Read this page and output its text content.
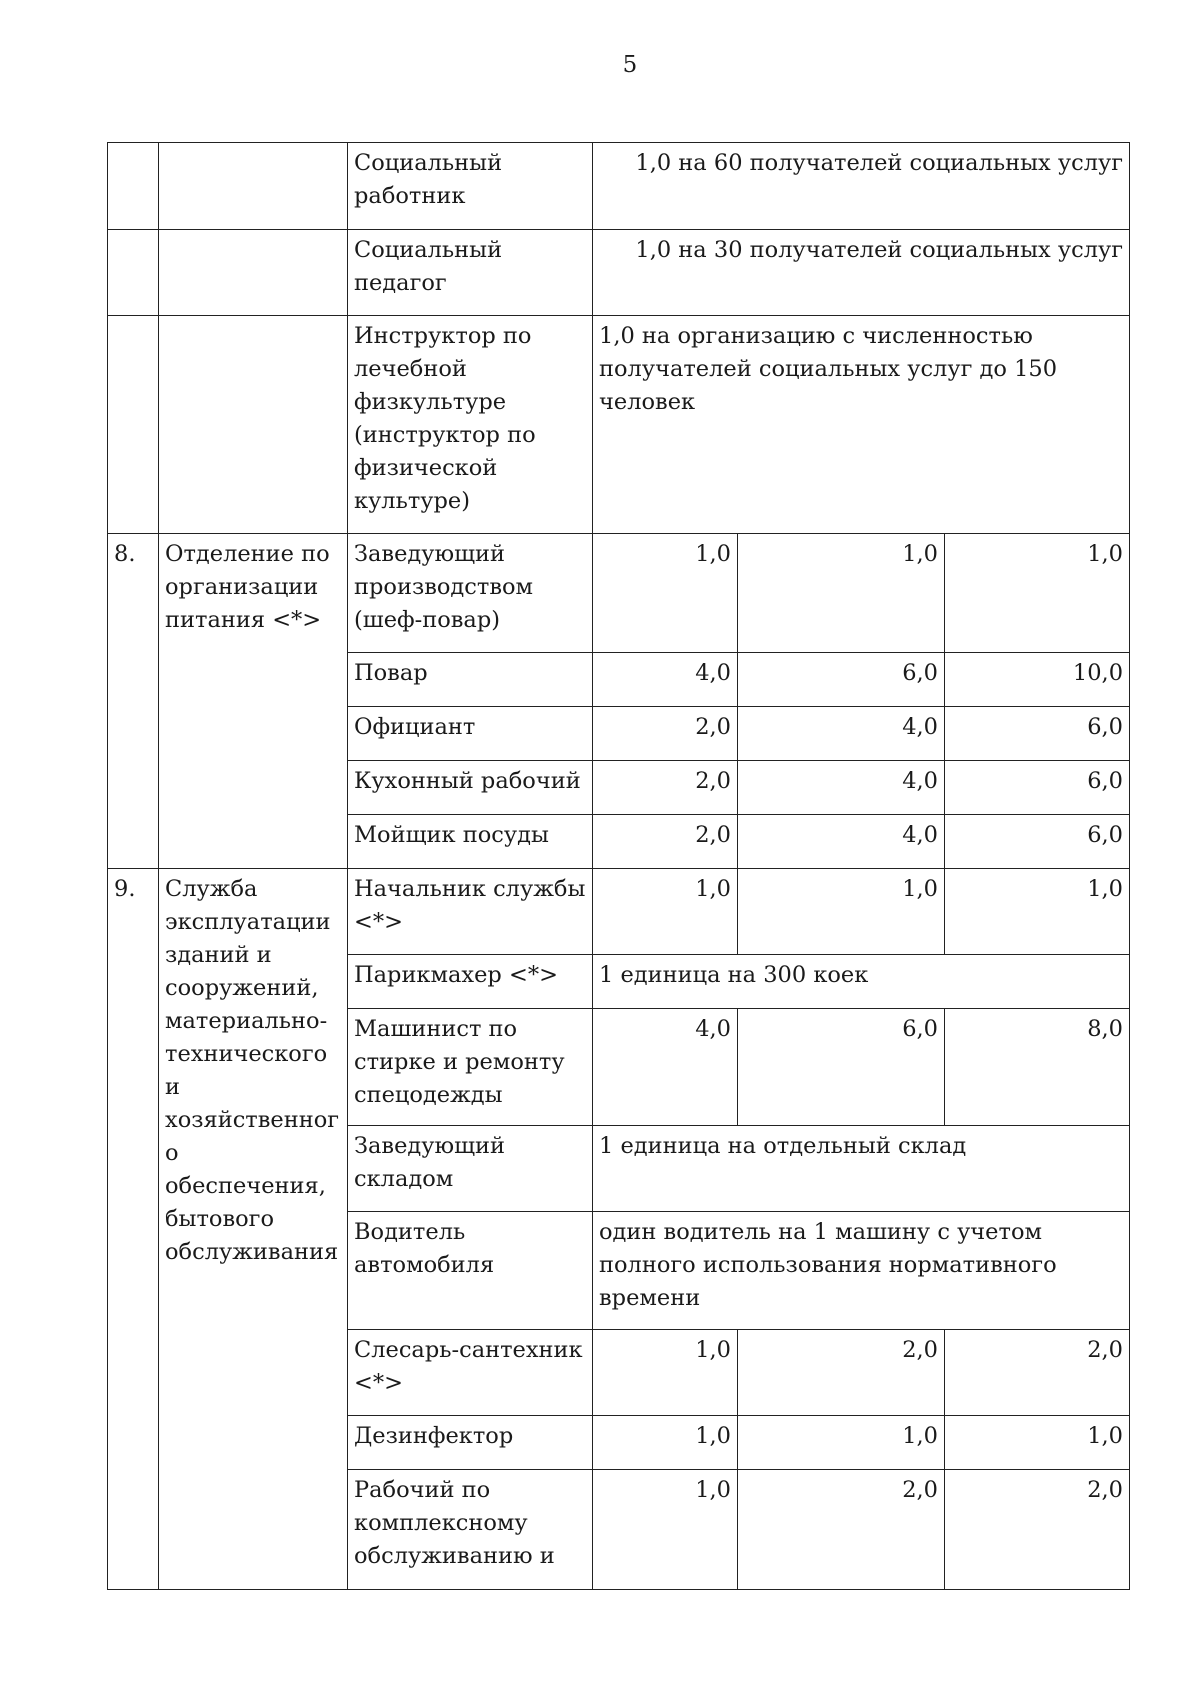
5
		Социальный работник	1,0 на 60 получателей социальных услуг		
		Социальный педагог	1,0 на 30 получателей социальных услуг		
		Инструктор по лечебной физкультуре (инструктор по физической культуре)	1,0 на организацию с численностью получателей социальных услуг до 150 человек		
8.	Отделение по организации питания <*>	Заведующий производством (шеф-повар)	1,0	1,0	1,0
		Повар	4,0	6,0	10,0
		Официант	2,0	4,0	6,0
		Кухонный рабочий	2,0	4,0	6,0
		Мойщик посуды	2,0	4,0	6,0
9.	Служба эксплуатации зданий и сооружений, материально-технического и хозяйственного обеспечения, бытового обслуживания	Начальник службы <*>	1,0	1,0	1,0
		Парикмахер <*>	1 единица на 300 коек		
		Машинист по стирке и ремонту спецодежды	4,0	6,0	8,0
		Заведующий складом	1 единица на отдельный склад		
		Водитель автомобиля	один водитель на 1 машину с учетом полного использования нормативного времени		
		Слесарь-сантехник <*>	1,0	2,0	2,0
		Дезинфектор	1,0	1,0	1,0
		Рабочий по комплексному обслуживанию и	1,0	2,0	2,0
